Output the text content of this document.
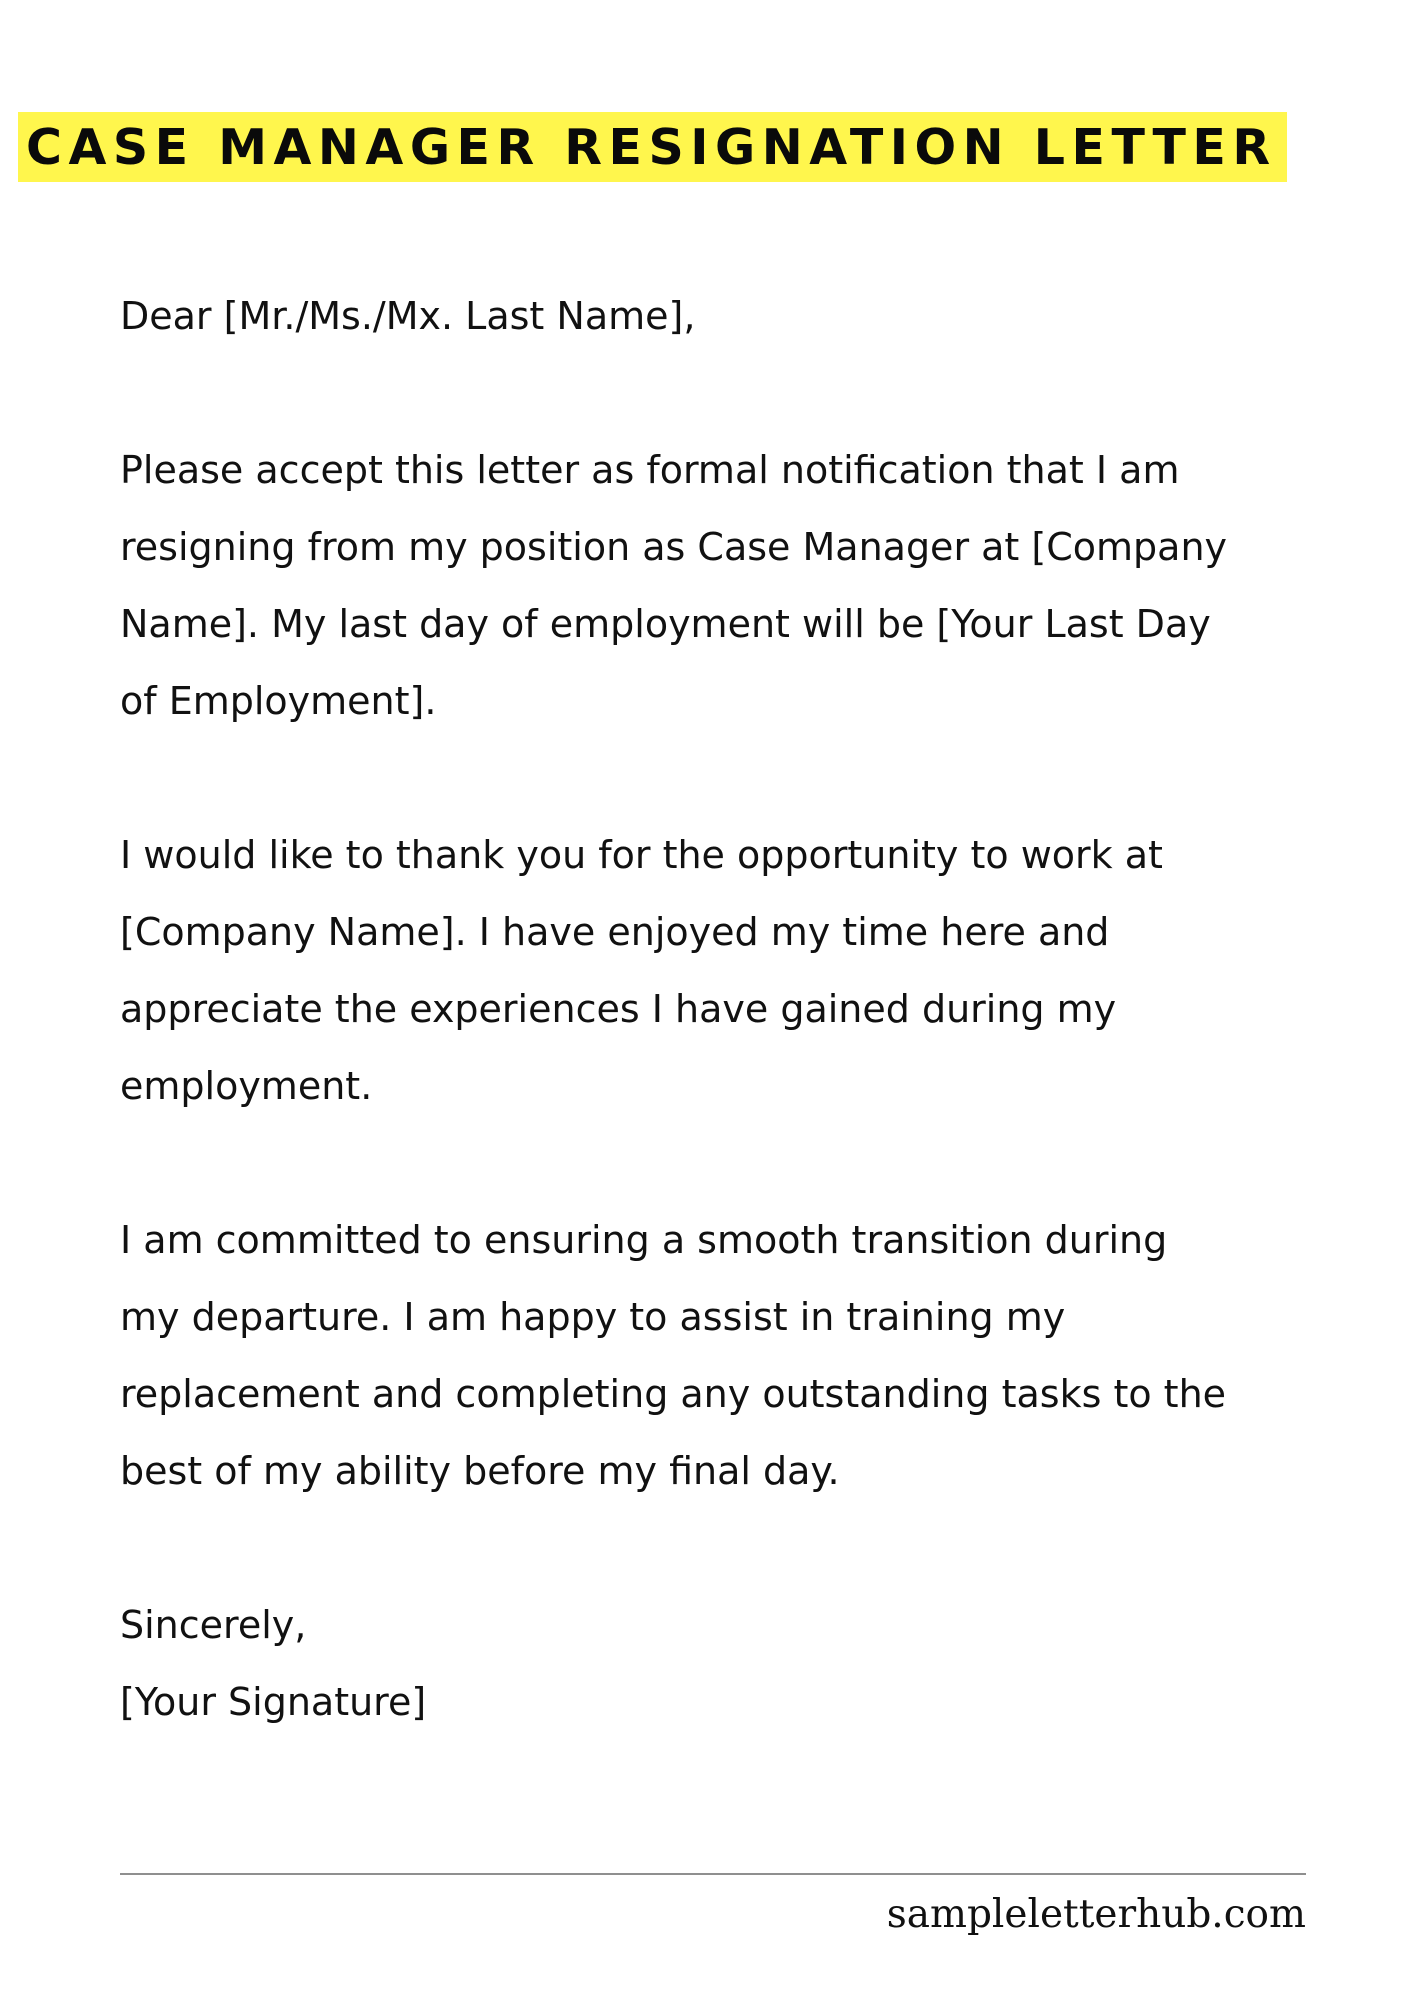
CASE MANAGER RESIGNATION LETTER

Dear [Mr./Ms./Mx. Last Name],

Please accept this letter as formal notification that I am

resigning from my position as Case Manager at [Company

Name]. My last day of employment will be [Your Last Day

of Employment].

I would like to thank you for the opportunity to work at

[Company Name]. I have enjoyed my time here and

appreciate the experiences I have gained during my

employment.

I am committed to ensuring a smooth transition during

my departure. I am happy to assist in training my

replacement and completing any outstanding tasks to the

best of my ability before my final day.

Sincerely,

[Your Signature]

sampleletterhub.com
